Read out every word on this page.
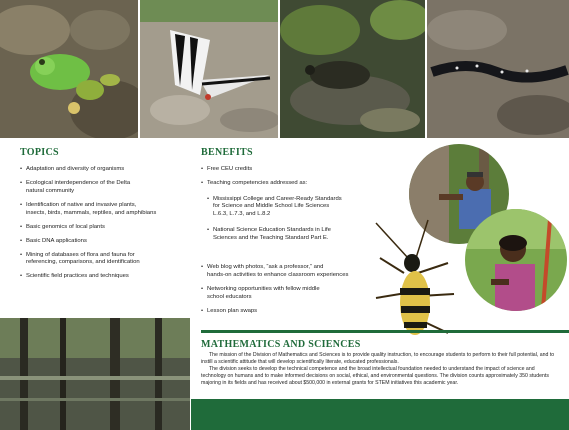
TOPICS
• Adaptation and diversity of organisms
• Ecological interdependence of the Delta
natural community
• Identification of native and invasive plants,
insects, birds, mammals, reptiles, and amphibians
• Basic genomics of local plants
• Basic DNA applications
• Mining of databases of flora and fauna for
referencing, comparisons, and identification
• Scientific field practices and techniques
BENEFITS
• Free CEU credits
• Teaching competencies addressed as:

• Mississippi College and Career-Ready Standards
for Science and Middle School Life Sciences
L.6.3, L.7.3, and L.8.2

• National Science Education Standards in Life
Sciences and the Teaching Standard Part E.

• Web blog with photos, “ask a professor,” and
hands-on activities to enhance classroom experiences
• Networking opportunities with fellow middle
school educators
• Lesson plan swaps
MATHEMATICS AND SCIENCES

The mission of the Division of Mathematics and Sciences is to provide quality instruction, to encourage students to perform to their full potential, and to instill a scientific attitude that will develop scientifically literate, educated professionals.

The division seeks to develop the technical competence and the broad intellectual foundation needed to understand the impact of science and technology on humans and to make informed decisions on social, ethical, and environmental questions. The division counts approximately 350 students majoring in its fields and has received about $500,000 in external grants for STEM initiatives this academic year.
